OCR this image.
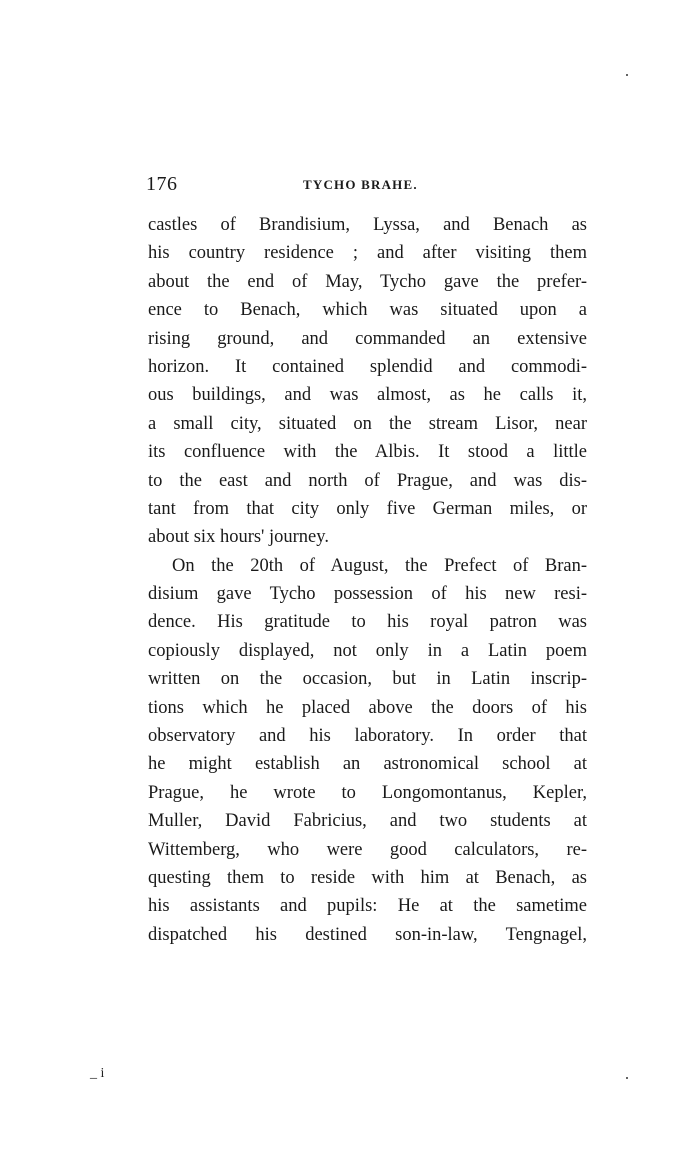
176	TYCHO BRAHE.
castles of Brandisium, Lyssa, and Benach as
his country residence ; and after visiting them
about the end of May, Tycho gave the prefer-
ence to Benach, which was situated upon a
rising ground, and commanded an extensive
horizon. It contained splendid and commodi-
ous buildings, and was almost, as he calls it,
a small city, situated on the stream Lisor, near
its confluence with the Albis. It stood a little
to the east and north of Prague, and was dis-
tant from that city only five German miles, or
about six hours' journey.
On the 20th of August, the Prefect of Bran-
disium gave Tycho possession of his new resi-
dence. His gratitude to his royal patron was
copiously displayed, not only in a Latin poem
written on the occasion, but in Latin inscrip-
tions which he placed above the doors of his
observatory and his laboratory. In order that
he might establish an astronomical school at
Prague, he wrote to Longomontanus, Kepler,
Muller, David Fabricius, and two students at
Wittemberg, who were good calculators, re-
questing them to reside with him at Benach, as
his assistants and pupils: He at the sametime
dispatched his destined son-in-law, Tengnagel,
_ i
